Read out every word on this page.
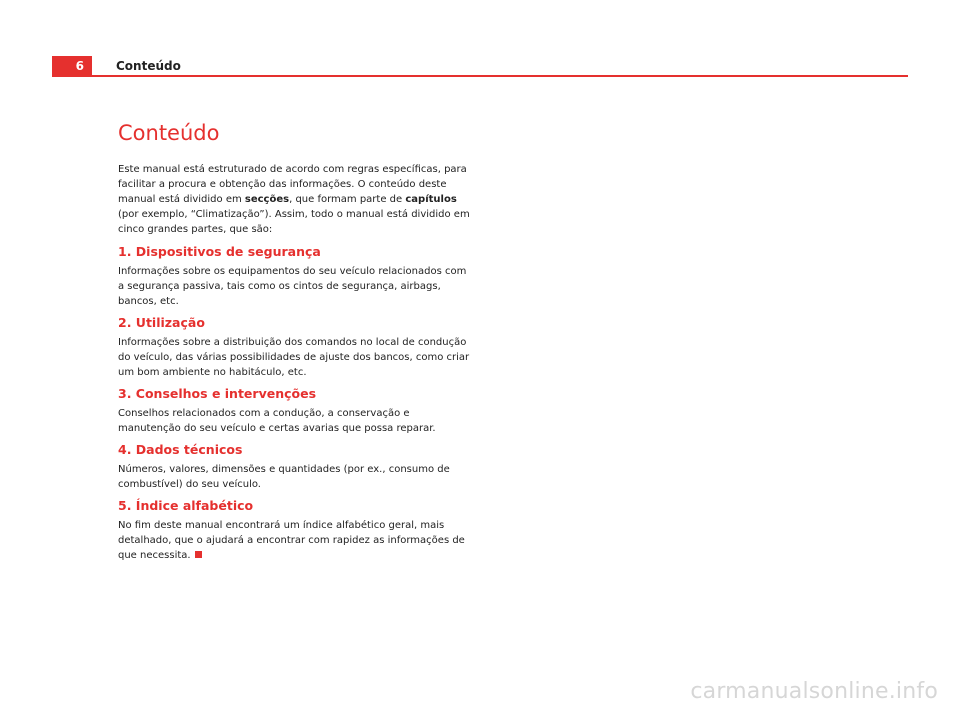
6	Conteúdo
Conteúdo

Este manual está estruturado de acordo com regras específicas, para facilitar a procura e obtenção das informações. O conteúdo deste manual está dividido em secções, que formam parte de capítulos (por exemplo, “Climatização”). Assim, todo o manual está dividido em cinco grandes partes, que são:

1. Dispositivos de segurança

Informações sobre os equipamentos do seu veículo relacionados com a segurança passiva, tais como os cintos de segurança, airbags, bancos, etc.

2. Utilização

Informações sobre a distribuição dos comandos no local de condução do veículo, das várias possibilidades de ajuste dos bancos, como criar um bom ambiente no habitáculo, etc.

3. Conselhos e intervenções

Conselhos relacionados com a condução, a conservação e manutenção do seu veículo e certas avarias que possa reparar.

4. Dados técnicos

Números, valores, dimensões e quantidades (por ex., consumo de combustível) do seu veículo.

5. Índice alfabético

No fim deste manual encontrará um índice alfabético geral, mais detalhado, que o ajudará a encontrar com rapidez as informações de que necessita.

carmanualsonline.info
